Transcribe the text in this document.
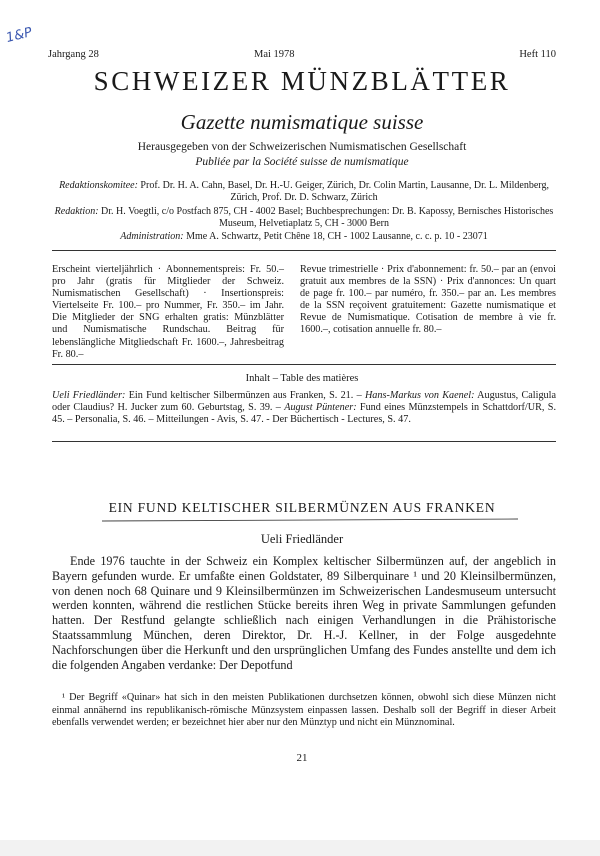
1&P
Jahrgang 28	Mai 1978	Heft 110
SCHWEIZER MÜNZBLÄTTER
Gazette numismatique suisse
Herausgegeben von der Schweizerischen Numismatischen Gesellschaft
Publiée par la Société suisse de numismatique
Redaktionskomitee: Prof. Dr. H. A. Cahn, Basel, Dr. H.-U. Geiger, Zürich, Dr. Colin Martin, Lausanne, Dr. L. Mildenberg, Zürich, Prof. Dr. D. Schwarz, Zürich
Redaktion: Dr. H. Voegtli, c/o Postfach 875, CH - 4002 Basel; Buchbesprechungen: Dr. B. Kapossy, Bernisches Historisches Museum, Helvetiaplatz 5, CH - 3000 Bern
Administration: Mme A. Schwartz, Petit Chêne 18, CH - 1002 Lausanne, c. c. p. 10 - 23071
Erscheint vierteljährlich · Abonnementspreis: Fr. 50.– pro Jahr (gratis für Mitglieder der Schweiz. Numismatischen Gesellschaft) · Insertionspreis: Viertelseite Fr. 100.– pro Nummer, Fr. 350.– im Jahr. Die Mitglieder der SNG erhalten gratis: Münzblätter und Numismatische Rundschau. Beitrag für lebenslängliche Mitgliedschaft Fr. 1600.–, Jahresbeitrag Fr. 80.–
Revue trimestrielle · Prix d'abonnement: fr. 50.– par an (envoi gratuit aux membres de la SSN) · Prix d'annonces: Un quart de page fr. 100.– par numéro, fr. 350.– par an. Les membres de la SSN reçoivent gratuitement: Gazette numismatique et Revue de Numismatique. Cotisation de membre à vie fr. 1600.–, cotisation annuelle fr. 80.–
Inhalt – Table des matières
Ueli Friedländer: Ein Fund keltischer Silbermünzen aus Franken, S. 21. – Hans-Markus von Kaenel: Augustus, Caligula oder Claudius? H. Jucker zum 60. Geburtstag, S. 39. – August Püntener: Fund eines Münzstempels in Schattdorf/UR, S. 45. – Personalia, S. 46. – Mitteilungen - Avis, S. 47. - Der Büchertisch - Lectures, S. 47.
EIN FUND KELTISCHER SILBERMÜNZEN AUS FRANKEN
Ueli Friedländer
Ende 1976 tauchte in der Schweiz ein Komplex keltischer Silbermünzen auf, der angeblich in Bayern gefunden wurde. Er umfaßte einen Goldstater, 89 Silberquinare ¹ und 20 Kleinsilbermünzen, von denen noch 68 Quinare und 9 Kleinsilbermünzen im Schweizerischen Landesmuseum untersucht werden konnten, während die restlichen Stücke bereits ihren Weg in private Sammlungen gefunden hatten. Der Restfund gelangte schließlich nach einigen Verhandlungen in die Prähistorische Staatssammlung München, deren Direktor, Dr. H.-J. Kellner, in der Folge ausgedehnte Nachforschungen über die Herkunft und den ursprünglichen Umfang des Fundes anstellte und dem ich die folgenden Angaben verdanke: Der Depotfund
¹ Der Begriff «Quinar» hat sich in den meisten Publikationen durchsetzen können, obwohl sich diese Münzen nicht einmal annähernd ins republikanisch-römische Münzsystem einpassen lassen. Deshalb soll der Begriff in dieser Arbeit ebenfalls verwendet werden; er bezeichnet hier aber nur den Münztyp und nicht ein Münznominal.
21
